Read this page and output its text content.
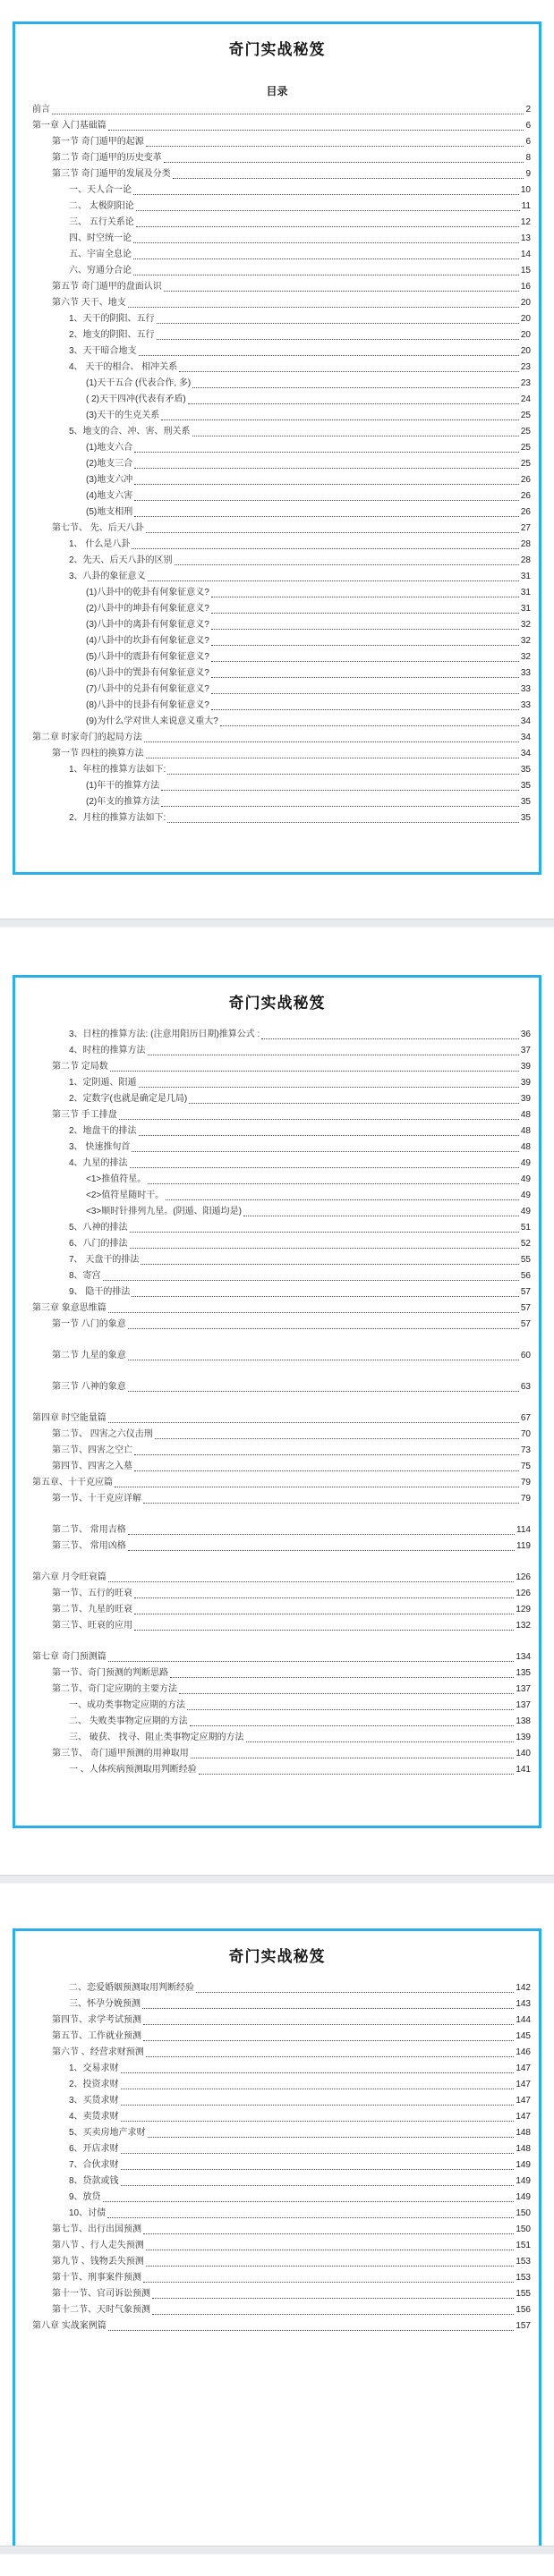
奇门实战秘笈
目录
前言	2
第一章 入门基础篇	6
第一节 奇门遁甲的起源	6
第二节 奇门遁甲的历史变革	8
第三节 奇门遁甲的发展及分类	9
一、天人合一论	10
二、 太极阴阳论	11
三、 五行关系论	12
四、时空统一论	13
五、宇宙全息论	14
六、穷通分合论	15
第五节 奇门遁甲的盘面认识	16
第六节 天干、地支	20
1、天干的阴阳、五行	20
2、地支的阴阳、五行	20
3、天干暗合地支	20
4、 天干的相合、 相冲关系	23
(1)天干五合 (代表合作, 多)	23
( 2)天干四冲(代表有矛盾)	24
(3)天干的生克关系	25
5、地支的合、冲、害、刑关系	25
(1)地支六合	25
(2)地支三合	25
(3)地支六冲	26
(4)地支六害	26
(5)地支相刑	26
第七节、 先、后天八卦	27
1、 什么是八卦	28
2、先天、后天八卦的区别	28
3、八卦的象征意义	31
(1)八卦中的乾卦有何象征意义?	31
(2)八卦中的坤卦有何象征意义?	31
(3)八卦中的离卦有何象征意义?	32
(4)八卦中的坎卦有何象征意义?	32
(5)八卦中的震卦有何象征意义?	32
(6)八卦中的巽卦有何象征意义?	33
(7)八卦中的兑卦有何象征意义?	33
(8)八卦中的艮卦有何象征意义?	33
(9)为什么学对世人来说意义重大?	34
第二章 时家奇门的起局方法	34
第一节 四柱的换算方法	34
1、年柱的推算方法如下:	35
(1)年干的推算方法	35
(2)年支的推算方法	35
2、月柱的推算方法如下:	35
奇门实战秘笈
3、日柱的推算方法: (注意用阳历日期)推算公式 :	36
4、时柱的推算方法	37
第二节 定局数	39
1、定阴遁、阳遁	39
2、定数字(也就是确定是几局)	39
第三节 手工排盘	48
2、地盘干的排法	48
3、 快速推旬首	48
4、九星的排法	49
<1>推值符星。	49
<2>值符星随时干。	49
<3>顺时针排列九星。(阴遁、阳遁均是)	49
5、八神的排法	51
6、八门的排法	52
7、 天盘干的排法	55
8、寄宫	56
9、 隐干的排法	57
第三章 象意思维篇	57
第一节 八门的象意	57
第二节 九星的象意	60
第三节 八神的象意	63
第四章 时空能量篇	67
第二节、 四害之六仪击刑	70
第三节、四害之空亡	73
第四节、四害之入墓	75
第五章、十干克应篇	79
第一节、十干克应详解	79
第二节、 常用吉格	114
第三节、 常用凶格	119
第六章 月令旺衰篇	126
第一节、五行的旺衰	126
第二节、九星的旺衰	129
第三节、旺衰的应用	132
第七章 奇门预测篇	134
第一节、奇门预测的判断思路	135
第二节、奇门定应期的主要方法	137
一、成功类事物定应期的方法	137
二、 失败类事物定应期的方法	138
三、 破获、 找寻、阻止类事物定应期的方法	139
第三节、 奇门遁甲预测的用神取用	140
一 、人体疾病预测取用判断经验	141
奇门实战秘笈
二、恋爱婚姻预测取用判断经验	142
三、怀孕分娩预测	143
第四节、求学考试预测	144
第五节、工作就业预测	145
第六节 、经营求财预测	146
1、交易求财	147
2、投资求财	147
3、买货求财	147
4、卖货求财	147
5、买卖房地产求财	148
6、开店求财	148
7、合伙求财	149
8、贷款或钱	149
9、放贷	149
10、讨债	150
第七节、出行出国预测	150
第八节 、行人走失预测	151
第九节 、钱物丢失预测	153
第十节、刑事案件预测	153
第十一节、官司诉讼预测	155
第十二节、天时气象预测	156
第八章 实战案例篇	157
